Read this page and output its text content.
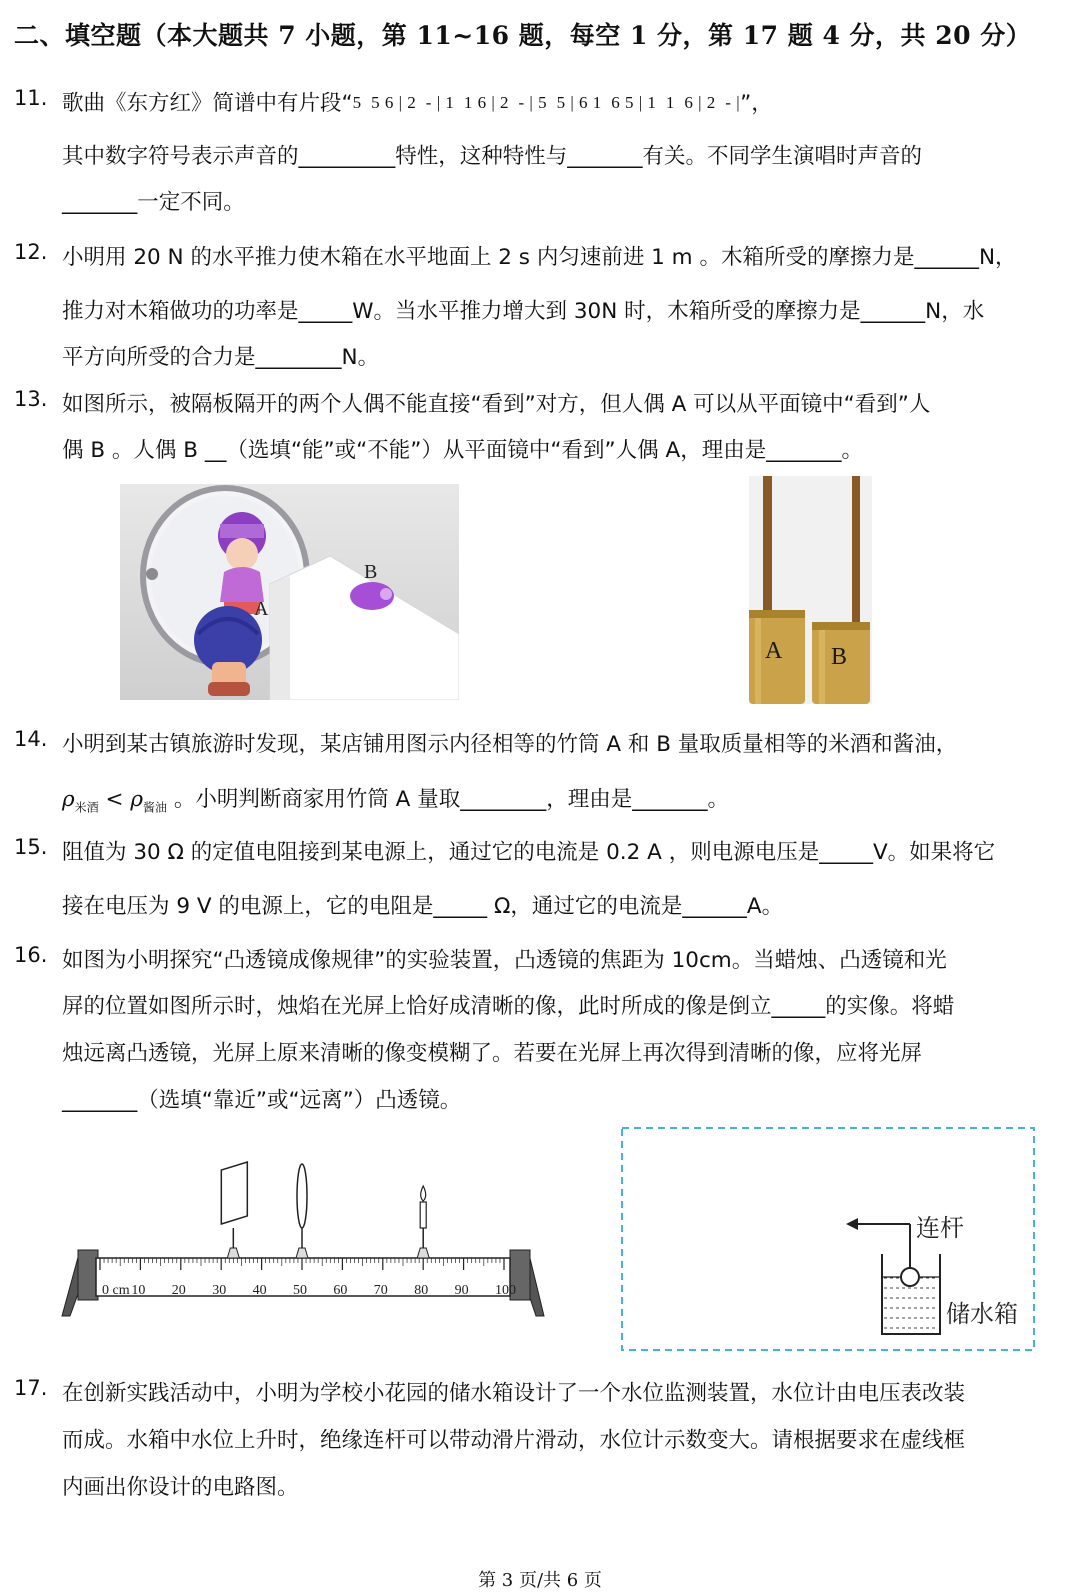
二、填空题（本大题共 7 小题，第 11~16 题，每空 1 分，第 17 题 4 分，共 20 分）
11. 歌曲《东方红》简谱中有片段“5  5 6 | 2  - | 1  1 6 | 2  - | 5  5 | 6 1  6 5 | 1  1  6 | 2  - |”，
其中数字符号表示声音的_________特性，这种特性与_______有关。不同学生演唱时声音的
_______一定不同。
12. 小明用 20 N 的水平推力使木箱在水平地面上 2 s 内匀速前进 1 m 。木箱所受的摩擦力是______N，
推力对木箱做功的功率是_____W。当水平推力增大到 30N 时，木箱所受的摩擦力是______N，水
平方向所受的合力是________N。
13. 如图所示，被隔板隔开的两个人偶不能直接“看到”对方，但人偶 A 可以从平面镜中“看到”人
偶 B 。人偶 B __（选填“能”或“不能”）从平面镜中“看到”人偶 A，理由是_______。
B
A
A B
14. 小明到某古镇旅游时发现，某店铺用图示内径相等的竹筒 A 和 B 量取质量相等的米酒和酱油，
$\rho_{米酒} < \rho_{酱油}$ 。小明判断商家用竹筒 A 量取________，理由是_______。
15. 阻值为 30 Ω 的定值电阻接到某电源上，通过它的电流是 0.2 A ，则电源电压是_____V。如果将它
接在电压为 9 V 的电源上，它的电阻是_____ Ω，通过它的电流是______A。
16. 如图为小明探究“凸透镜成像规律”的实验装置，凸透镜的焦距为 10cm。当蜡烛、凸透镜和光
屏的位置如图所示时，烛焰在光屏上恰好成清晰的像，此时所成的像是倒立_____的实像。将蜡
烛远离凸透镜，光屏上原来清晰的像变模糊了。若要在光屏上再次得到清晰的像，应将光屏
_______（选填“靠近”或“远离”）凸透镜。
0 cm 10 20 30 40 50 60 70 80 90 100
连杆
储水箱
17. 在创新实践活动中，小明为学校小花园的储水箱设计了一个水位监测装置，水位计由电压表改装
而成。水箱中水位上升时，绝缘连杆可以带动滑片滑动，水位计示数变大。请根据要求在虚线框
内画出你设计的电路图。
第 3 页/共 6 页
